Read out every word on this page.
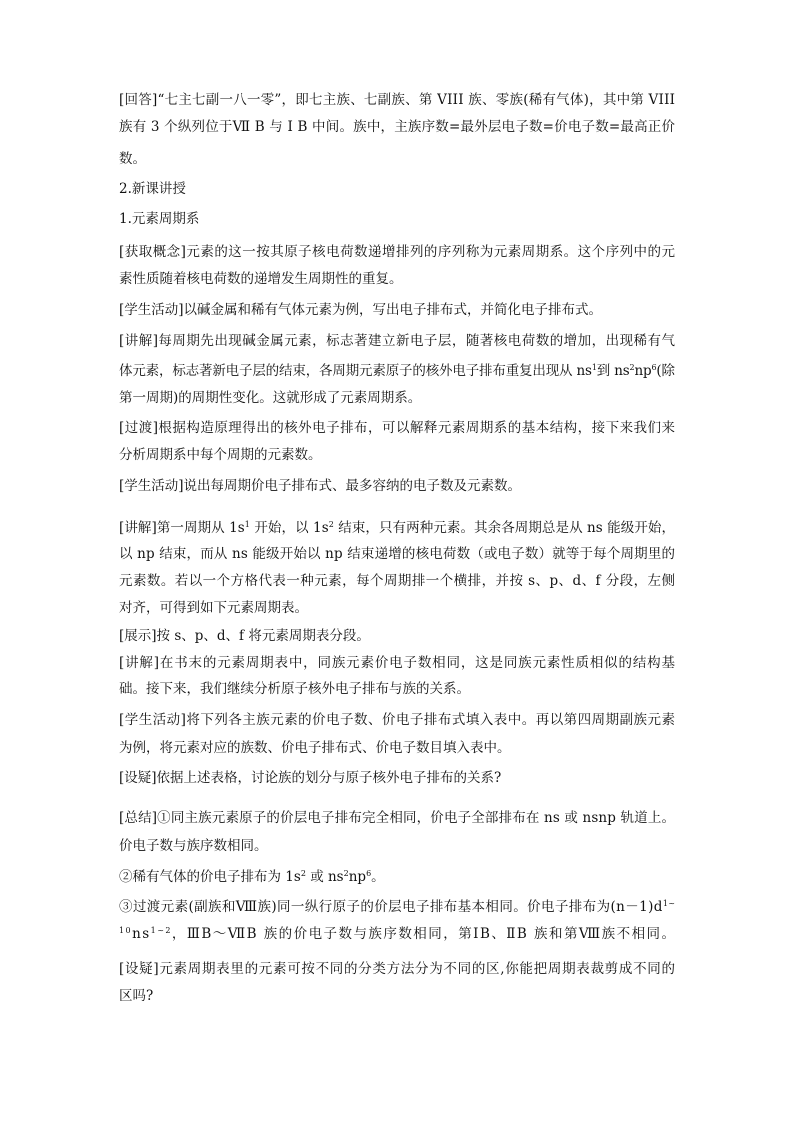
[回答]“七主七副一八一零”，即七主族、七副族、第 VIII 族、零族(稀有气体)，其中第 VIII
族有 3 个纵列位于Ⅶ B 与 I B 中间。族中，主族序数=最外层电子数=价电子数=最高正价
数。
2.新课讲授
1.元素周期系
[获取概念]元素的这一按其原子核电荷数递增排列的序列称为元素周期系。这个序列中的元
素性质随着核电荷数的递增发生周期性的重复。
[学生活动]以碱金属和稀有气体元素为例，写出电子排布式，并简化电子排布式。
[讲解]每周期先出现碱金属元素，标志著建立新电子层，随著核电荷数的增加，出现稀有气
体元素，标志著新电子层的结束，各周期元素原子的核外电子排布重复出现从 $ns^1$到 $ns^2np^6$(除
第一周期)的周期性变化。这就形成了元素周期系。
[过渡]根据构造原理得出的核外电子排布，可以解释元素周期系的基本结构，接下来我们来
分析周期系中每个周期的元素数。
[学生活动]说出每周期价电子排布式、最多容纳的电子数及元素数。
[讲解]第一周期从 $1s^1$ 开始，以 $1s^2$ 结束，只有两种元素。其余各周期总是从 ns 能级开始，
以 np 结束，而从 ns 能级开始以 np 结束递增的核电荷数（或电子数）就等于每个周期里的
元素数。若以一个方格代表一种元素，每个周期排一个横排，并按 s、p、d、f 分段，左侧
对齐，可得到如下元素周期表。
[展示]按 s、p、d、f 将元素周期表分段。
[讲解]在书末的元素周期表中，同族元素价电子数相同，这是同族元素性质相似的结构基
础。接下来，我们继续分析原子核外电子排布与族的关系。
[学生活动]将下列各主族元素的价电子数、价电子排布式填入表中。再以第四周期副族元素
为例，将元素对应的族数、价电子排布式、价电子数目填入表中。
[设疑]依据上述表格，讨论族的划分与原子核外电子排布的关系?
[总结]①同主族元素原子的价层电子排布完全相同，价电子全部排布在 ns 或 nsnp 轨道上。
价电子数与族序数相同。
②稀有气体的价电子排布为 $1s^2$ 或 $ns^2np^6$。
③过渡元素(副族和Ⅷ族)同一纵行原子的价层电子排布基本相同。价电子排布为$(n-1)d^{1\sim}$
$^{10}ns^{1\sim 2}$，ⅢB～ⅦB 族的价电子数与族序数相同，第ⅠB、ⅡB 族和第Ⅷ族不相同。
[设疑]元素周期表里的元素可按不同的分类方法分为不同的区,你能把周期表裁剪成不同的
区吗?
